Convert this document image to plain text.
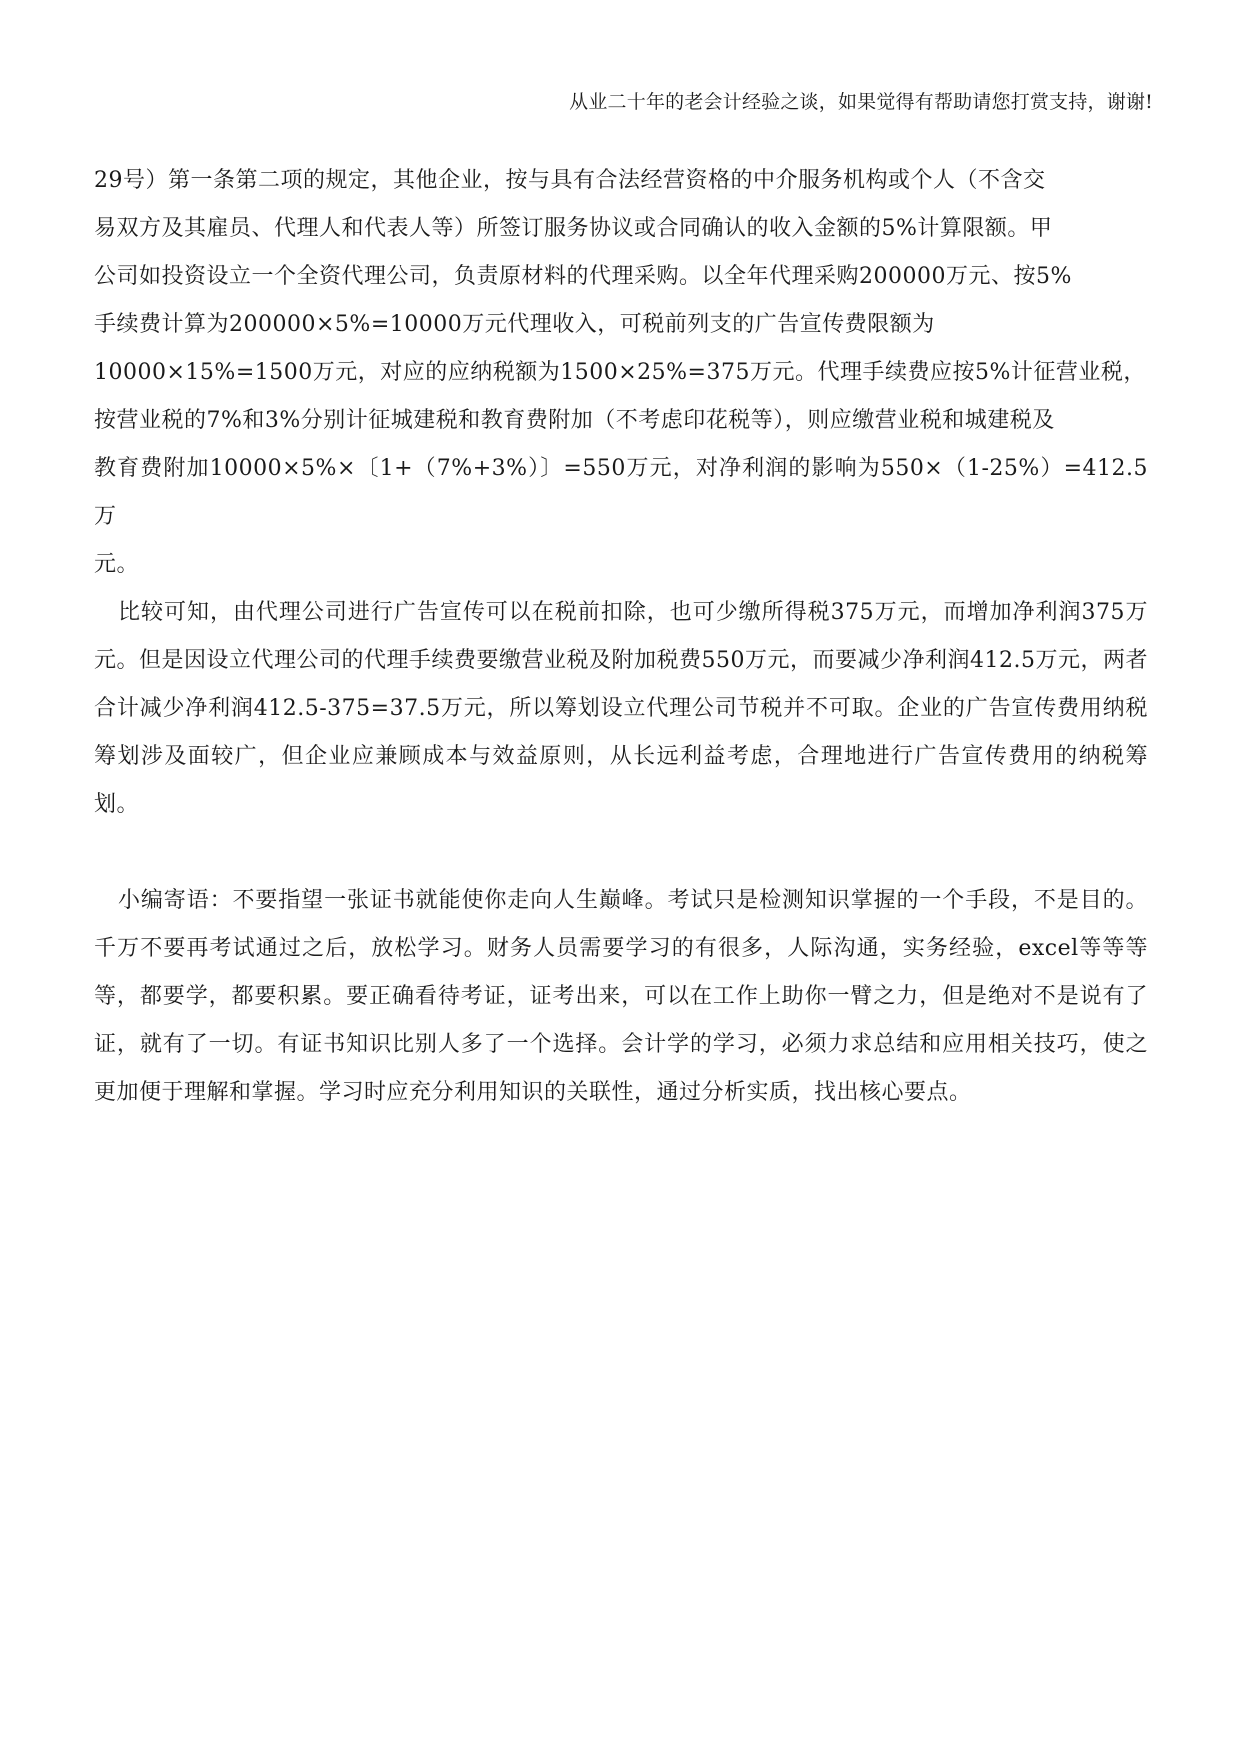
从业二十年的老会计经验之谈，如果觉得有帮助请您打赏支持，谢谢!

29号）第一条第二项的规定，其他企业，按与具有合法经营资格的中介服务机构或个人（不含交

易双方及其雇员、代理人和代表人等）所签订服务协议或合同确认的收入金额的5%计算限额。甲

公司如投资设立一个全资代理公司，负责原材料的代理采购。以全年代理采购200000万元、按5%

手续费计算为200000×5%=10000万元代理收入，可税前列支的广告宣传费限额为

10000×15%=1500万元，对应的应纳税额为1500×25%=375万元。代理手续费应按5%计征营业税，

按营业税的7%和3%分别计征城建税和教育费附加（不考虑印花税等），则应缴营业税和城建税及

教育费附加10000×5%×〔1+（7%+3%）〕=550万元，对净利润的影响为550×（1-25%）=412.5万

元。

比较可知，由代理公司进行广告宣传可以在税前扣除，也可少缴所得税375万元，而增加净利润375万元。但是因设立代理公司的代理手续费要缴营业税及附加税费550万元，而要减少净利润412.5万元，两者合计减少净利润412.5-375=37.5万元，所以筹划设立代理公司节税并不可取。企业的广告宣传费用纳税筹划涉及面较广，但企业应兼顾成本与效益原则，从长远利益考虑，合理地进行广告宣传费用的纳税筹划。

小编寄语：不要指望一张证书就能使你走向人生巅峰。考试只是检测知识掌握的一个手段，不是目的。千万不要再考试通过之后，放松学习。财务人员需要学习的有很多，人际沟通，实务经验，excel等等等等，都要学，都要积累。要正确看待考证，证考出来，可以在工作上助你一臂之力，但是绝对不是说有了证，就有了一切。有证书知识比别人多了一个选择。会计学的学习，必须力求总结和应用相关技巧，使之更加便于理解和掌握。学习时应充分利用知识的关联性，通过分析实质，找出核心要点。
